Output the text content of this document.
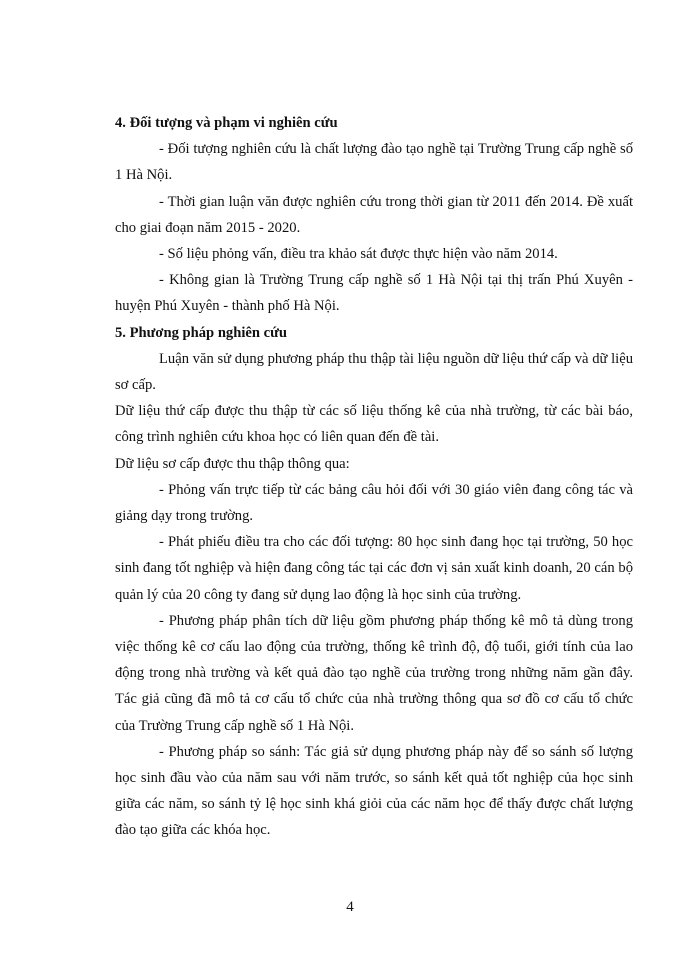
4. Đối tượng và phạm vi nghiên cứu

- Đối tượng nghiên cứu là chất lượng đào tạo nghề tại Trường Trung cấp nghề số 1 Hà Nội.

- Thời gian luận văn được nghiên cứu trong thời gian từ 2011 đến 2014. Đề xuất cho giai đoạn năm 2015 - 2020.

- Số liệu phỏng vấn, điều tra khảo sát được thực hiện vào năm 2014.

- Không gian là Trường Trung cấp nghề số 1 Hà Nội tại thị trấn Phú Xuyên - huyện Phú Xuyên - thành phố Hà Nội.

5. Phương pháp nghiên cứu

Luận văn sử dụng phương pháp thu thập tài liệu nguồn dữ liệu thứ cấp và dữ liệu sơ cấp.

Dữ liệu thứ cấp được thu thập từ các số liệu thống kê của nhà trường, từ các bài báo, công trình nghiên cứu khoa học có liên quan đến đề tài.

Dữ liệu sơ cấp được thu thập thông qua:

- Phỏng vấn trực tiếp từ các bảng câu hỏi đối với 30 giáo viên đang công tác và giảng dạy trong trường.

- Phát phiếu điều tra cho các đối tượng: 80 học sinh đang học tại trường, 50 học sinh đang tốt nghiệp và hiện đang công tác tại các đơn vị sản xuất kinh doanh, 20 cán bộ quản lý của 20 công ty đang sử dụng lao động là học sinh của trường.

- Phương pháp phân tích dữ liệu gồm phương pháp thống kê mô tả dùng trong việc thống kê cơ cấu lao động của trường, thống kê trình độ, độ tuổi, giới tính của lao động trong nhà trường và kết quả đào tạo nghề của trường trong những năm gần đây. Tác giả cũng đã mô tả cơ cấu tổ chức của nhà trường thông qua sơ đồ cơ cấu tổ chức của Trường Trung cấp nghề số 1 Hà Nội.

- Phương pháp so sánh: Tác giả sử dụng phương pháp này để so sánh số lượng học sinh đầu vào của năm sau với năm trước, so sánh kết quả tốt nghiệp của học sinh giữa các năm, so sánh tỷ lệ học sinh khá giỏi của các năm học để thấy được chất lượng đào tạo giữa các khóa học.

4
